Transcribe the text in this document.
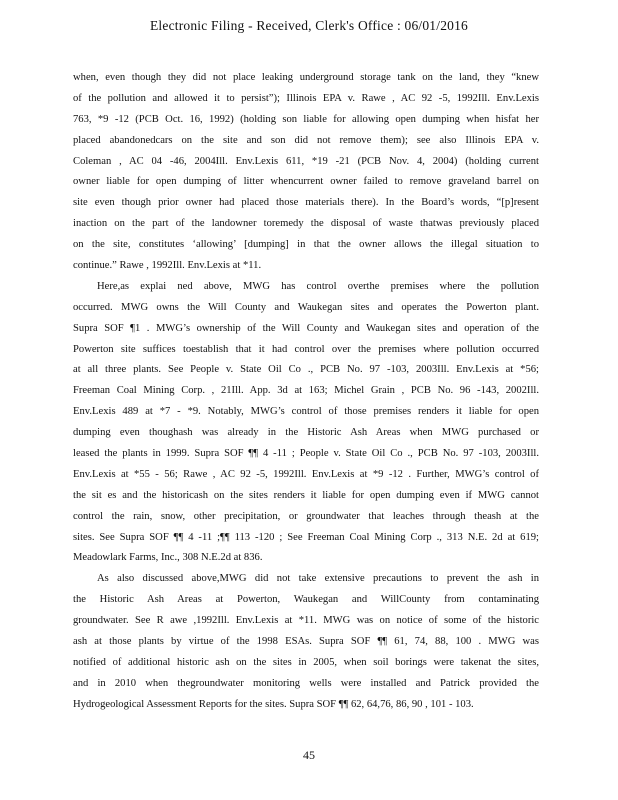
Electronic Filing - Received, Clerk's Office : 06/01/2016
when, even though they did not place leaking underground storage tank on the land, they “knew
of the pollution and allowed it to persist”); Illinois EPA v. Rawe , AC 92 -5, 1992Ill. Env.Lexis
763, *9 -12 (PCB Oct. 16, 1992) (holding son liable for allowing open dumping when hisfat her
placed abandonedcars on the site and son did not remove them); see also Illinois EPA v.
Coleman , AC 04 -46, 2004Ill. Env.Lexis 611, *19 -21 (PCB Nov. 4, 2004) (holding current
owner liable for open dumping of litter whencurrent owner failed to remove graveland barrel on
site even though prior owner had placed those materials there). In the Board’s words, “[p]resent
inaction on the part of the landowner toremedy the disposal of waste thatwas previously placed
on the site, constitutes ‘allowing’ [dumping] in that the owner allows the illegal situation to
continue.” Rawe , 1992Ill. Env.Lexis at *11.
Here,as explai ned above, MWG has control overthe premises where the pollution
occurred. MWG owns the Will County and Waukegan sites and operates the Powerton plant.
Supra SOF ¶1 . MWG’s ownership of the Will County and Waukegan sites and operation of the
Powerton site suffices toestablish that it had control over the premises where pollution occurred
at all three plants. See People v. State Oil Co ., PCB No. 97 -103, 2003Ill. Env.Lexis at *56;
Freeman Coal Mining Corp. , 21Ill. App. 3d at 163; Michel Grain , PCB No. 96 -143, 2002Ill.
Env.Lexis 489 at *7 - *9. Notably, MWG’s control of those premises renders it liable for open
dumping even thoughash was already in the Historic Ash Areas when MWG purchased or
leased the plants in 1999. Supra SOF ¶¶ 4 -11 ; People v. State Oil Co ., PCB No. 97 -103, 2003Ill.
Env.Lexis at *55 - 56; Rawe , AC 92 -5, 1992Ill. Env.Lexis at *9 -12 . Further, MWG’s control of
the sit es and the historicash on the sites renders it liable for open dumping even if MWG cannot
control the rain, snow, other precipitation, or groundwater that leaches through theash at the
sites. See Supra SOF ¶¶ 4 -11 ;¶¶ 113 -120 ; See Freeman Coal Mining Corp ., 313 N.E. 2d at 619;
Meadowlark Farms, Inc., 308 N.E.2d at 836.
As also discussed above,MWG did not take extensive precautions to prevent the ash in
the Historic Ash Areas at Powerton, Waukegan and WillCounty from contaminating
groundwater. See R awe ,1992Ill. Env.Lexis at *11. MWG was on notice of some of the historic
ash at those plants by virtue of the 1998 ESAs. Supra SOF ¶¶ 61, 74, 88, 100 . MWG was
notified of additional historic ash on the sites in 2005, when soil borings were takenat the sites,
and in 2010 when thegroundwater monitoring wells were installed and Patrick provided the
Hydrogeological Assessment Reports for the sites. Supra SOF ¶¶ 62, 64,76, 86, 90 , 101 - 103.
45
